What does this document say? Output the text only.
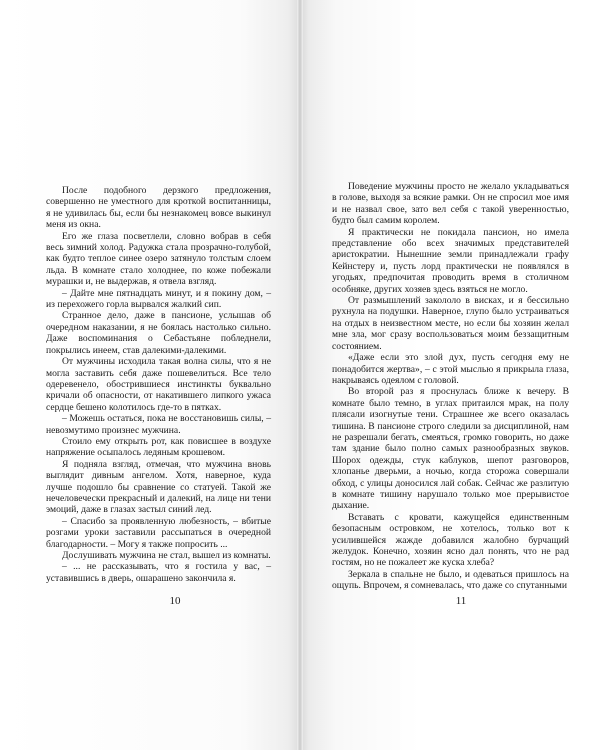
После подобного дерзкого предложения, совершенно не уместного для кроткой воспитанницы, я не удивилась бы, если бы незнакомец вовсе выкинул меня из окна.

Его же глаза посветлели, словно вобрав в себя весь зимний холод. Радужка стала прозрачно-голубой, как будто теплое синее озеро затянуло толстым слоем льда. В комнате стало холоднее, по коже побежали мурашки и, не выдержав, я отвела взгляд.

– Дайте мне пятнадцать минут, и я покину дом, – из перехожего горла вырвался жалкий сип.

Странное дело, даже в пансионе, услышав об очередном наказании, я не боялась настолько сильно. Даже воспоминания о Себастьяне побледнели, покрылись инеем, став далекими-далекими.

От мужчины исходила такая волна силы, что я не могла заставить себя даже пошевелиться. Все тело одеревенело, обострившиеся инстинкты буквально кричали об опасности, от накатившего липкого ужаса сердце бешено колотилось где-то в пятках.

– Можешь остаться, пока не восстановишь силы, – невозмутимо произнес мужчина.

Стоило ему открыть рот, как повисшее в воздухе напряжение осыпалось ледяным крошевом.

Я подняла взгляд, отмечая, что мужчина вновь выглядит дивным ангелом. Хотя, наверное, куда лучше подошло бы сравнение со статуей. Такой же нечеловечески прекрасный и далекий, на лице ни тени эмоций, даже в глазах застыл синий лед.

– Спасибо за проявленную любезность, – вбитые розгами уроки заставили рассыпаться в очередной благодарности. – Могу я также попросить ...

Дослушивать мужчина не стал, вышел из комнаты.

– ... не рассказывать, что я гостила у вас, – уставившись в дверь, ошарашено закончила я.

10

Поведение мужчины просто не желало укладываться в голове, выходя за всякие рамки. Он не спросил мое имя и не назвал свое, зато вел себя с такой уверенностью, будто был самим королем.

Я практически не покидала пансион, но имела представление обо всех значимых представителей аристократии. Нынешние земли принадлежали графу Кейнстеру и, пусть лорд практически не появлялся в угодьях, предпочитая проводить время в столичном особняке, других хозяев здесь взяться не могло.

От размышлений закололо в висках, и я бессильно рухнула на подушки. Наверное, глупо было устраиваться на отдых в неизвестном месте, но если бы хозяин желал мне зла, мог сразу воспользоваться моим беззащитным состоянием.

«Даже если это злой дух, пусть сегодня ему не понадобится жертва», – с этой мыслью я прикрыла глаза, накрываясь одеялом с головой.

Во второй раз я проснулась ближе к вечеру. В комнате было темно, в углах притаился мрак, на полу плясали изогнутые тени. Страшнее же всего оказалась тишина. В пансионе строго следили за дисциплиной, нам не разрешали бегать, смеяться, громко говорить, но даже там здание было полно самых разнообразных звуков. Шорох одежды, стук каблуков, шепот разговоров, хлопанье дверьми, а ночью, когда сторожа совершали обход, с улицы доносился лай собак. Сейчас же разлитую в комнате тишину нарушало только мое прерывистое дыхание.

Вставать с кровати, кажущейся единственным безопасным островком, не хотелось, только вот к усилившейся жажде добавился жалобно бурчащий желудок. Конечно, хозяин ясно дал понять, что не рад гостям, но не пожалеет же куска хлеба?

Зеркала в спальне не было, и одеваться пришлось на ощупь. Впрочем, я сомневалась, что даже со спутанными

11
